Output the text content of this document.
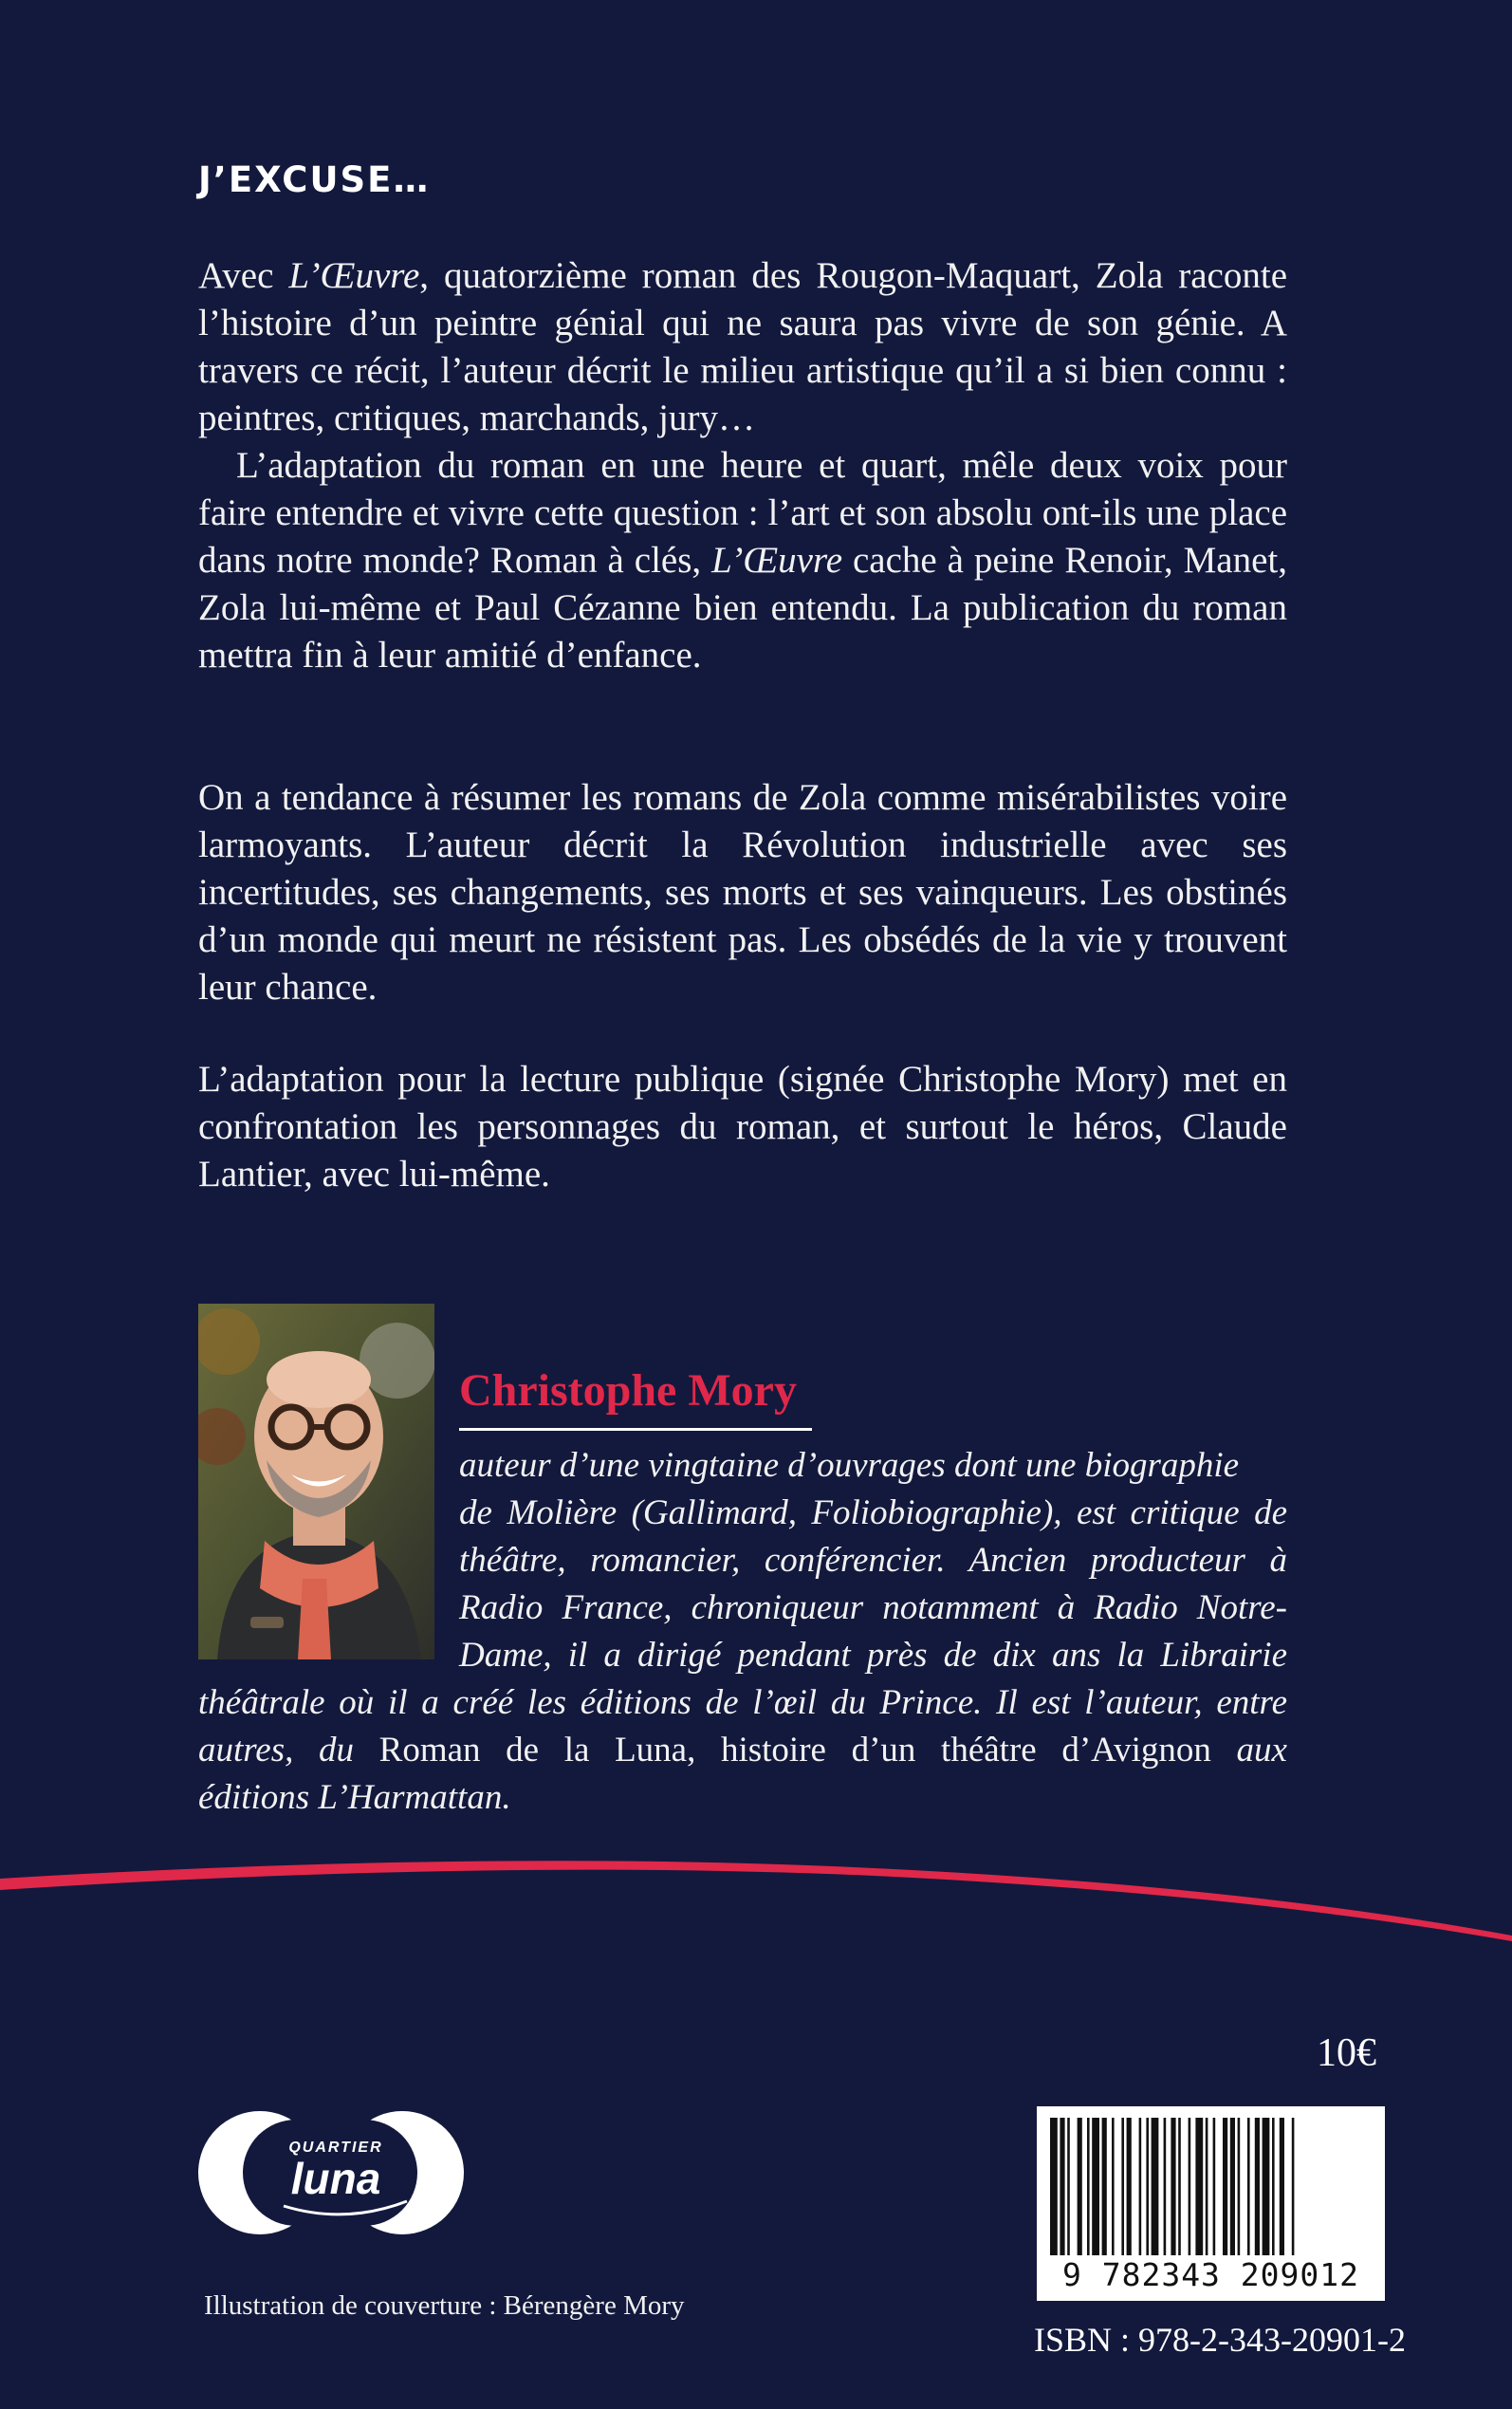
J’EXCUSE…

Avec L’Œuvre, quatorzième roman des Rougon-Maquart, Zola raconte l’histoire d’un peintre génial qui ne saura pas vivre de son génie. A travers ce récit, l’auteur décrit le milieu artistique qu’il a si bien connu : peintres, critiques, marchands, jury…

L’adaptation du roman en une heure et quart, mêle deux voix pour faire entendre et vivre cette question : l’art et son absolu ont-ils une place dans notre monde? Roman à clés, L’Œuvre cache à peine Renoir, Manet, Zola lui-même et Paul Cézanne bien entendu. La publication du roman mettra fin à leur amitié d’enfance.

On a tendance à résumer les romans de Zola comme misérabilistes voire larmoyants. L’auteur décrit la Révolution industrielle avec ses incertitudes, ses changements, ses morts et ses vainqueurs. Les obstinés d’un monde qui meurt ne résistent pas. Les obsédés de la vie y trouvent leur chance.

L’adaptation pour la lecture publique (signée Christophe Mory) met en confrontation les personnages du roman, et surtout le héros, Claude Lantier, avec lui-même.

Christophe Mory
auteur d’une vingtaine d’ouvrages dont une biographie
de Molière (Gallimard, Foliobiographie), est critique de
théâtre, romancier, conférencier. Ancien producteur à
Radio France, chroniqueur notamment à Radio Notre-
Dame, il a dirigé pendant près de dix ans la Librairie
théâtrale où il a créé les éditions de l’œil du Prince. Il est l’auteur, entre
autres, du Roman de la Luna, histoire d’un théâtre d’Avignon aux
éditions L’Harmattan.
10€
QUARTIER
luna
Illustration de couverture : Bérengère Mory
9 782343 209012
ISBN : 978-2-343-20901-2
